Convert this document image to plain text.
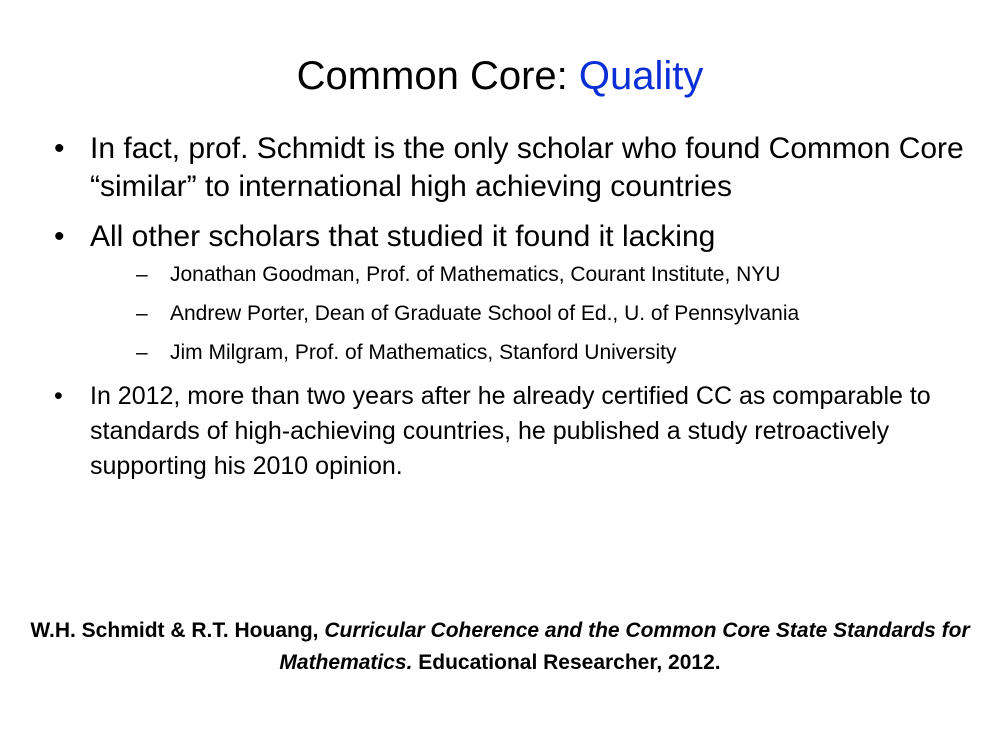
Common Core: Quality
• In fact, prof. Schmidt is the only scholar who found Common Core “similar” to international high achieving countries
• All other scholars that studied it found it lacking
– Jonathan Goodman, Prof. of Mathematics, Courant Institute, NYU
– Andrew Porter, Dean of Graduate School of Ed., U. of Pennsylvania
– Jim Milgram, Prof. of Mathematics, Stanford University
•	In 2012, more than two years after he already certified CC as comparable to standards of high-achieving countries, he published a study retroactively supporting his 2010 opinion.
W.H. Schmidt & R.T. Houang, Curricular Coherence and the Common Core State Standards for Mathematics. Educational Researcher, 2012.
